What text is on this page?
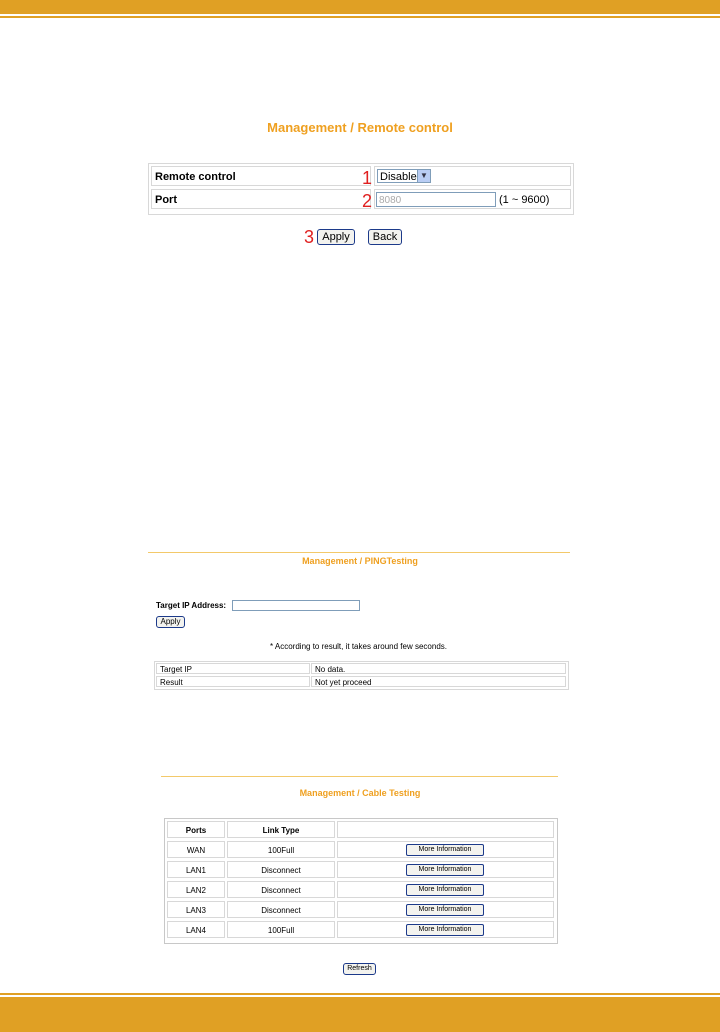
Management / Remote control
Remote control	1 Disable ▼
Port	2 8080	(1 ~ 9600)
3 Apply	Back
Management / PINGTesting
Target IP Address:
Apply
* According to result, it takes around few seconds.
Target IP	No data.
Result	Not yet proceed
Management / Cable Testing
Ports	Link Type
WAN	100Full	More Information
LAN1	Disconnect	More Information
LAN2	Disconnect	More Information
LAN3	Disconnect	More Information
LAN4	100Full	More Information
Refresh
